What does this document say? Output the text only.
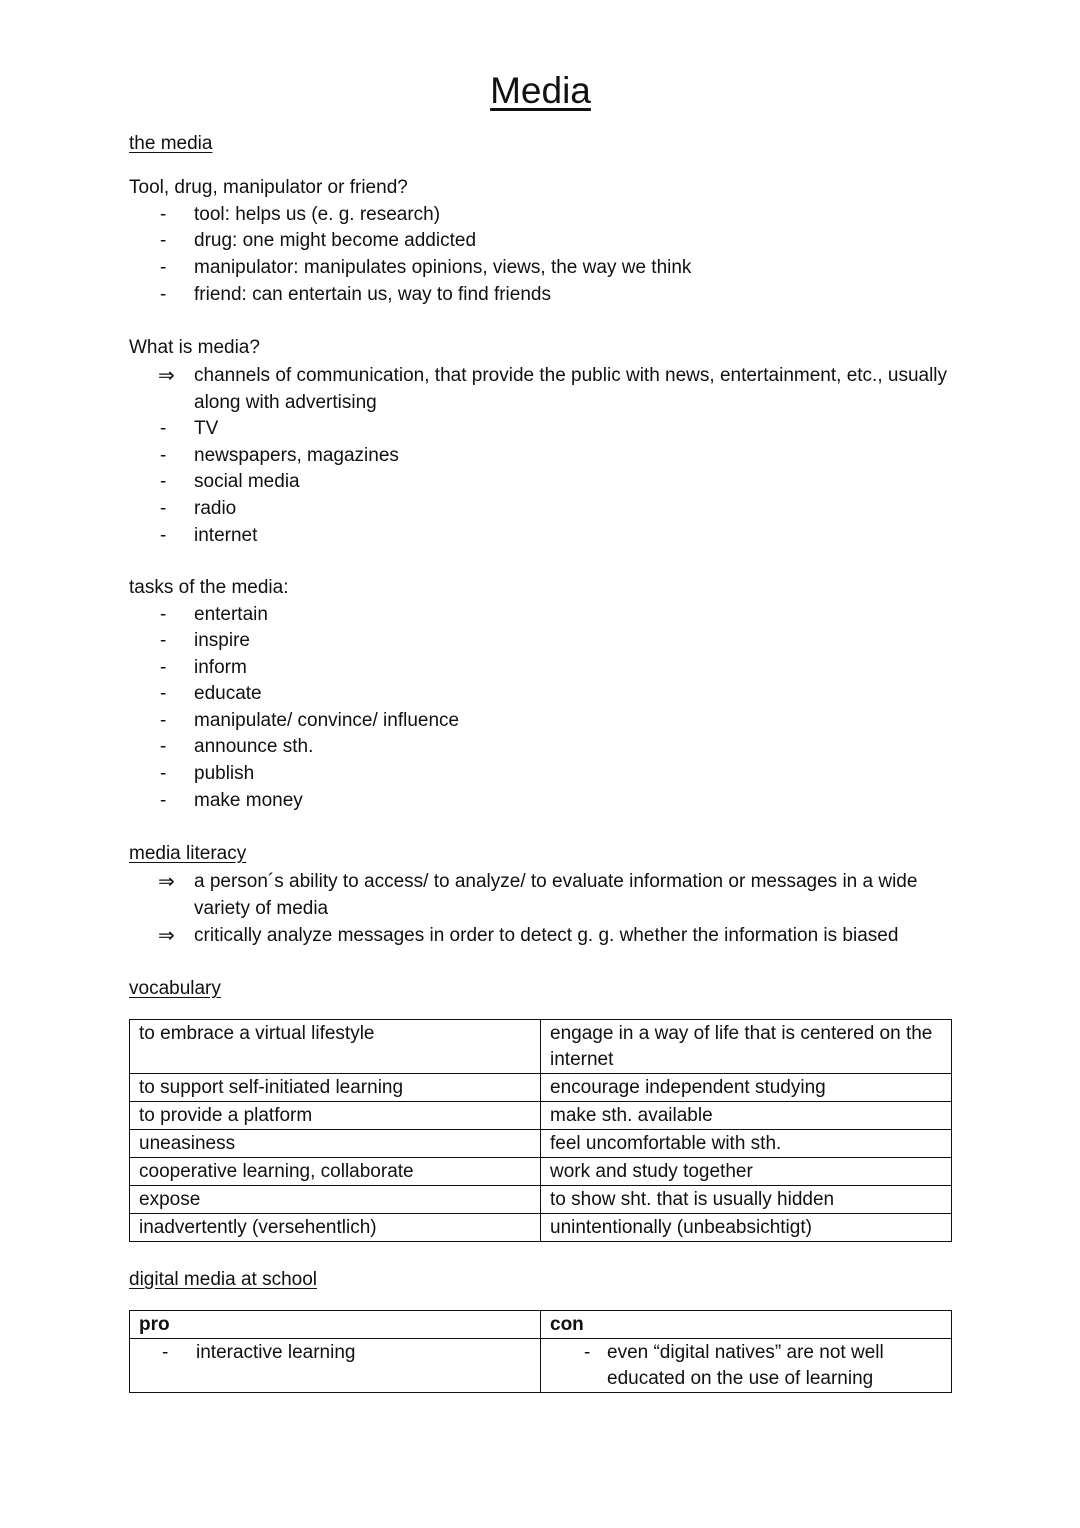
Media
the media
Tool, drug, manipulator or friend?
-	tool: helps us (e. g. research)
-	drug: one might become addicted
-	manipulator: manipulates opinions, views, the way we think
-	friend: can entertain us, way to find friends
What is media?
⇒	channels of communication, that provide the public with news, entertainment, etc., usually along with advertising
-	TV
-	newspapers, magazines
-	social media
-	radio
-	internet
tasks of the media:
-	entertain
-	inspire
-	inform
-	educate
-	manipulate/ convince/ influence
-	announce sth.
-	publish
-	make money
media literacy
⇒	a person´s ability to access/ to analyze/ to evaluate information or messages in a wide variety of media
⇒	critically analyze messages in order to detect g. g. whether the information is biased
vocabulary
to embrace a virtual lifestyle	engage in a way of life that is centered on the internet
to support self-initiated learning	encourage independent studying
to provide a platform	make sth. available
uneasiness	feel uncomfortable with sth.
cooperative learning, collaborate	work and study together
expose	to show sht. that is usually hidden
inadvertently (versehentlich)	unintentionally (unbeabsichtigt)
digital media at school
pro	con

- interactive learning	- even “digital natives” are not well educated on the use of learning
